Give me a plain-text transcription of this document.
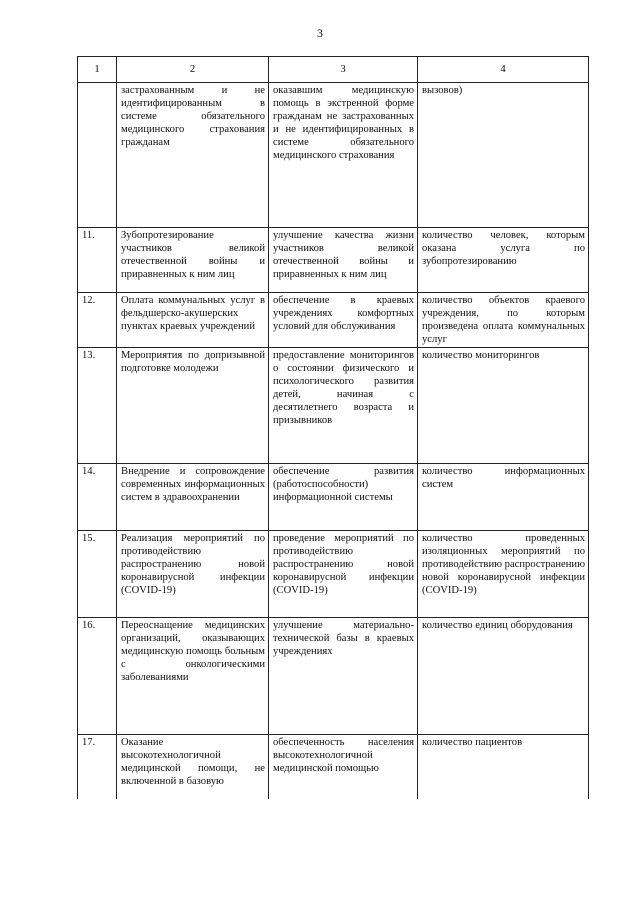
3
1	2	3	4
	застрахованным и не идентифицированным в системе обязательного медицинского страхования гражданам	оказавшим медицинскую помощь в экстренной форме гражданам не застрахованных и не идентифицированных в системе обязательного медицинского страхования	вызовов)
11.	Зубопротезирование участников великой отечественной войны и приравненных к ним лиц	улучшение качества жизни участников великой отечественной войны и приравненных к ним лиц	количество человек, которым оказана услуга по зубопротезированию
12.	Оплата коммунальных услуг в фельдшерско-акушерских пунктах краевых учреждений	обеспечение в краевых учреждениях комфортных условий для обслуживания	количество объектов краевого учреждения, по которым произведена оплата коммунальных услуг
13.	Мероприятия по допризывной подготовке молодежи	предоставление мониторингов о состоянии физического и психологического развития детей, начиная с десятилетнего возраста и призывников	количество мониторингов
14.	Внедрение и сопровождение современных информационных систем в здравоохранении	обеспечение развития (работоспособности) информационной системы	количество информационных систем
15.	Реализация мероприятий по противодействию распространению новой коронавирусной инфекции (COVID-19)	проведение мероприятий по противодействию распространению новой коронавирусной инфекции (COVID-19)	количество проведенных изоляционных мероприятий по противодействию распространению новой коронавирусной инфекции (COVID-19)
16.	Переоснащение медицинских организаций, оказывающих медицинскую помощь больным с онкологическими заболеваниями	улучшение материально-технической базы в краевых учреждениях	количество единиц оборудования
17.	Оказание высокотехнологичной медицинской помощи, не включенной в базовую	обеспеченность населения высокотехнологичной медицинской помощью	количество пациентов
